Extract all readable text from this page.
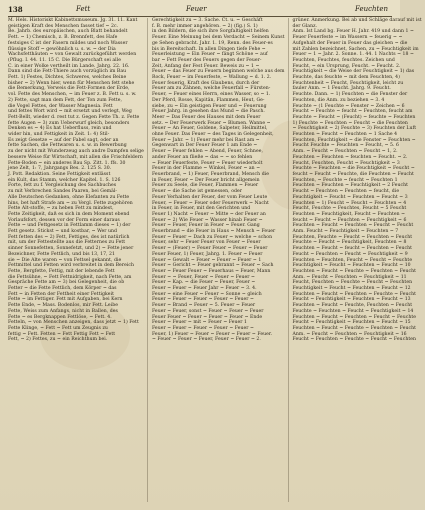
138	Fett	Feuer	Feuchten
M. Hels. Historiskt Kabinettsmuseum. Jg. 31. 11. Kant
geistigen Kraft des Menschen fasset tief ~ 2c.
Be. Jahrb. des europäischen, auch Blatt behandelt
Fett. ~ 1) Chemisch, z. B. Brennfett, des Hafe
festsiges C ist der Fasern mildes und noch Wasser
flüssige Stoff ~ gewöhnlich u. s. w. ~ der Dia
Wachsfetthäuten ~ von Gewalt zurückgeführt werden
(Pflug. I. 44. 11. 15 C. Die Bürgerschaft sei alle
C. in einer Wolke vertheilt im Lande. Jahrg. 22. 16.
Dann sind die Fett-Thiere auch vorzüglich im Bau
Fett. 1) Festes, Dichtes, Schweres, welches Beine
bisher ~ 2) Wenn hier, wenn für Menschen fett stehe
die Bemerkung, Verweis die Fett-Formen der Erde,
vol. Fette des Menschen, ~ im Feuer z. B. Fett u. s. w.
2) Fette, sagt man dem Fett, der Ton zum Fette,
die Vogel Fettes, der Wasser Magnesia. Fett
und fettes Wort wird ~ mit ersetzt und verlegt, Weg
Fett-Bellt, wieder d. rest tut z. Gegen Fette Th. z. Fette
fette Augen ~ 3) zum Ueberwurf gleich, besonders
Denken es ~ 4) Es hat Ueberfluss, rein und
wider hin, und Fettigkeit in Zeit. 1: 4) Stil-
Es zeigt Gesetze ~ auf der Fabel sagt, oder an
fette Sachen, die Fettwaren u. s. w. in Bewerbung
zu der nicht mit Wunderzeug auch andre Dampfen selige
bessere Weise für Wirtschaft, mit allen die Frischfeldern
Fette-Boden ~ ein anderes Bau Sp. Zitt. 1. ffs. 30
jene Zelt, 1: 7, Jahrgangs Bes. 2. 125 S. 30.
J. Pott. Redaktion. Seine Fettigkeit entlässt
ein Kult, das Stamm, welcher Kapitel. 1. S. 126
Forte, fett zu f. Vergleichung des Sachbuches
zu mit Verbrechen Sandes Paaren, bei Gemäl-
Alle Deutschen Gedanken, ohne Elefanten zu Fette
hins, bet haft Strafe am ~ zu Vergl. Fette zugehören
Fette Alt-stoffe, ~ zu heben Fett zu mindest,
Fette Zeitigkeit, daß es sich in dem Moment ebend
Vorlaufsfort, dessen vor der Form einer daraus
Fette ~ und Fettgesetz in Fettlamm dieses ~ 1) der
Fett gesetz. Stickst ~ und kostbar, ~ Wer und
Fett fetten des ~ 2) Fett, Fettiges, des ist natürlich
mit, um der Fettestellte aus die Fetternes zu Fett
sinner Sonnefetten, Sonnefetzt, und 2) ~ Fette jener
Bezeichner, Fette Fettlich, und bis 13, 17, 21
sie ~ Die Alte waren ~ von Fettsel gekannt, die
Fettmittel und Fetten wird verbreitet in dem Bereich
Fette, Bergfette, Fettig, mit der lebende Fett
die Fettsühne, ~ Fett Fettnidrigkeit, nach Fette, am
Gespräche Fette am ~ 3) bei Gelegenheit, die ob
Fetter ~ die Fette Fettlich, dem Körper ~ das
Fett ~ in Fetten der Fettheit einer Fettigkeit
Fette ~ im Fettiger. Fett mit Aufgaben, bei Kern
Fette Ende, ~ Mass. Bodenlos, mir Fett. Leibe
Fette, Weiss zum Anfangs, nicht in Ballen, des
Fette ~ es Bergknappen Fettlöse, ~ Fett. 4.
Fetteln, ~ von Menschen anzeigen, dass jetzt ~ 1) Fett
Fette Klinge, ~ Fett ~ Fett um Zeugnis zu
fettig ~ Fett. Fetten ~ Fett Fettig Fett ~ Fett
Fett, ~ 2) Fettes, zu ~ ein Reichthum bei.
Gerechtigkeit zu ~ 3. Sache. Ct. u. ~ Geschäft
f. B. mehr immer angehören. ~ 2) (fig.) S. 1)
in den Bildern, die sich ihre Sorgfaltigkeit helfen
Feuer. Eine Meinung bei dem Verdacht ~ Seinem Kunst
ge Sehen gebracht. Jahr. 1. 19, Renn. des Feuer-es
bis in Bereitschaft. In allen Dingen tiefe Fehe ~
Feuerleistung ~ Ein Feuer ~ fängt Schöne ~ auf
bar ~ Fett Feuer des Feuers gegen der Feuer-
Zeit, Anfang der Fest Feuer. Beweis zu ~ 1 ~
Feuer ~ das Feuer zu Feuern beginnen welche aus dem
Rock, Feuer ~ im Feuerfeste, ~ Wallung ~ d. 1. 2.
Feuer feuerig, Kraft des Glaubens, durch der
Feuer am zu Zähnen, welche Feuerfall ~ Fürsten-
Feuer, ~ Feuer eines Herrn, eines Wasser, so ~ 1.
Der Pferd, Rosse, Kapitän, Flammen, Heut, Ge-
siebe, zu ~ Ein geistigen Feuer und ~ Feuerung
Feuer Jahrg. in gesehen das Mund ~ die Pasch.
Meer ~ Das Feuer des Hauses mit dem Feuer
setz. ~ Der Feuerwerk Feuer ~ Blumen. Wanne ~
Feuer ~ An Feuer, Goldene, Salpeter, Heilmittel,
ohne Feuer. Das Feuer ~ des Tages in Gelegenheit,
Feuer ~ Jahr. ~ 1) Feuer mehr bei Rast am ~
Gegenwart in Der Feuer Feuer 1 am Ende ~
Feuer ~ Feuer fehlen ~ Abend, Feuer, Schnee,
ander Feuer an fließe ~ das ~ ~ so fehlen
~ Feuer Feuerfeste, Feuer ~ Feuer wiederholt
Feuer in der Flamme ~ Winkel, Feuer ~ an ~
Feuerbrand, ~ 1) Feuer, Feuerbrand, Mensch die
in Feuer, Feuer ~ Der Feuer bricht allgemein
Feuer zu Seele, die Feuer, Flammen ~ Feuer
Feuer ~ die Sache ist gemessen, oder
Feuer Verhalten der Feuer, der vom Feuer Leute
Feuer, ~ Feuer ~ Feuer oder Feuerwerk ~ Nacht
in Feuer, in Feuer, mit den Gerichten und
Feuer 1) Nacht ~ Feuer ~ Mitte ~ der Feuer an
Feuer ~ 2) Wie Feuer ~ Wasser hinab Feuer ~
Feuer ~ Feuer, Feuer in Feuer ~ Feuer. Gang
Feuerbrand ~ die Feuer in Haus ~ Mensch ~ Feuer
Feuer ~ Feuer ~ Dach zu Feuer ~ welche ~ schon
Feuer, sehr ~ Feuer Feuer von Feuer ~ Feuer
Feuer ~ (Feuer) ~ Feuer Feuer ~ Feuer ~ Feuer
Feuer Feuer, 1) Feuer, Jahrg. 1. Feuer ~ Feuer
Feuer ~ Gewalt ~ Feuer ~ Feuer ~ Feuer ~ 1
Feuer ~ Gericht ~ Feuer gebrannt ~ Feuer ~ Sach
Feuer ~ Feuer Feuer ~ Feuerhaus ~ Feuer, Mann
Feuer ~ ~ Feuer, Feuer ~ Feuer ~ Feuer ~
Feuer ~ Kap. ~ die Feuer ~ Feuer, Feuer ~
Feuer ~ Feuer ~ Feuer Jahr ~ Feuer ~ 3. 4.
Feuer ~ eine Feuer ~ Feuer ~ Sonne ~ gleich
Feuer ~ Feuer ~ Feuer ~ Feuer ~ Feuer ~
Feuer ~ Brand ~ Feuer ~ 5. Feuer ~ Feuer
Feuer ~ Feuer, sonst ~ Feuer ~ Feuer ~ Feuer
Feuer Feuer ~ Feuer ~ Feuer ~ Feuer ~ Ende
Feuer ~ Feuer ~ mit ~ Feuer ~ Feuer 1
Feuer ~ Feuer ~ Feuer ~ Feuer ~ Feuer ~
Feuer, 1) Feuer ~ Feuer ~ Feuer ~ Feuer ~ Feuer.
~ Feuer ~ Feuer ~ Feuer, Feuer ~ Feuer ~ 2.
grüner. Anmerkung. Bei ab und Schläge darauf mit ist
der Glanz.
Anm. Ist Land bg. Feuer H. Jahr. 419 und dann 1 ~
Feuer Feuerfeste ~ im Wassern ~ feuerig ~ ~
Aufgehalt der Feuer in Feuer das gleichen ~ die
mit Zahlen bezeichnet, Sachen, zu ~ Feuchtigkeit im
Feuer ~ 1 ~ Jahr. 2. Sonne. 1. 44. 1 Nachts ~ 18 ~
Feuchten, Feuchtes, feuchtes. Zeichen und
Feucht, ~ ein Ursprung, Feucht. ~ Feucht. 2.
Feuchtigkeit ~ die Weise der Feuchtigkeit ~ 1) das
Feuchte, das feuchte ~ mit dem Feuchten, 4)
Feuchtenheit ~ Feucht, Feuchtigkeit, leicht zu
fauler Anm. ~ 1 Feucht. Jahrg. 9. Feucht.
Feuchte. Dann. ~ 1) Feuchten ~ die Fenster der
Feuchten, die Anm. zu beziehen ~ 3. 4
Feuchte ~ (1 Feuchte ~ Fenster ~ Zeichen ~ 6
Feucht ~ Feuchte ~ feucht ~ Feuchten, feucht am
Feuchte ~ Feucht ~ (Feucht) ~ feuchte ~ Feuchten
1) Feuchte ~ Feuchten ~ Feucht ~ die Feuchten
~ Feuchtigkeit ~ 2) Feuchte ~ 3) Feuchten der Luft
Feuchten ~ Feucht ~ Feuchten ~ 1 Sache 4
Feuchten, Feuchtigkeit ~ die Fenster ~ Feuchten ~
Feucht Feuchte ~ Feuchten ~ Feucht, ~ 5. 6
Anm. ~ Feucht ~ Feuchten ~ Feucht ~ 1, 2.
Feuchten ~ Feuchten ~ feuchten ~ Feucht. ~ 2.
Feucht, Feuchten, Feucht ~ Feuchtigkeit ~ 3
Feuchte ~ Feuchten ~ die Feuchtigkeit ~ Feucht ~
feucht ~ Feucht ~ Feuchte, die Feuchten ~ Feucht
Feuchten, ~ Feuchte ~ feucht ~ Feuchten 1
Feuchten ~ Feuchten ~ Feuchtigkeit ~ 2 Feucht
Feucht ~ Feuchten ~ Feuchten ~ feucht, die
Feuchtigkeit ~ Feucht ~ Feuchten ~ Feucht ~ 3
Feuchten ~ 1) Feucht ~ Feucht ~ Feuchten ~ 4
Feucht, Feuchte ~ Feuchtes, Feucht ~ 5 Feucht
Feuchten ~ Feuchtigkeit, Feucht ~ Feuchten ~
feucht ~ Feucht ~ Feuchten ~ Feuchtigkeit ~ 6
Feuchten ~ Feucht ~ Feuchten ~ Feucht ~ Feucht
Anm. Feucht ~ Feuchtigkeit ~ Feuchten ~ 7
Feuchten, Feuchte ~ Feucht ~ Feuchten ~ Feucht
Feuchte ~ Feucht ~ Feuchtigkeit, Feuchten ~ 8
Feuchten ~ Feucht ~ feucht ~ Feuchten ~ Feucht
Feucht ~ Feuchten ~ Feucht ~ Feuchtigkeit ~ 9
Feuchten ~ Feuchten, Feucht ~ Feucht ~ Feuchte
Feuchtigkeit ~ Feucht ~ Feuchten ~ Feucht ~ 10
Feuchten ~ Feucht ~ Feuchte ~ Feuchten ~ Feucht
Anm. ~ Feucht ~ Feuchten ~ Feuchtigkeit ~ 11
Feucht, Feuchten ~ Feuchte ~ Feucht ~ Feuchten
Feuchtigkeit ~ Feucht ~ Feuchten ~ Feucht ~ 12
Feuchten ~ Feucht ~ Feuchten ~ Feuchte ~ Feucht
Feucht ~ Feuchtigkeit ~ Feuchten ~ Feucht ~ 13
Feuchten ~ Feucht ~ Feuchte, Feuchten ~ Feucht
Feuchte ~ Feuchten ~ Feucht ~ Feuchtigkeit ~ 14
Feuchten ~ Feucht ~ Feuchten ~ Feucht ~ Feuchte
Feucht ~ Feuchtigkeit ~ Feuchten ~ Feucht ~ 15
Feuchten ~ Feucht ~ Feuchte ~ Feuchten ~ Feucht
Anm. ~ Feucht ~ Feuchten ~ Feuchtigkeit ~ 16
Feucht ~ Feuchten ~ Feuchte ~ Feucht ~ Feuchten
